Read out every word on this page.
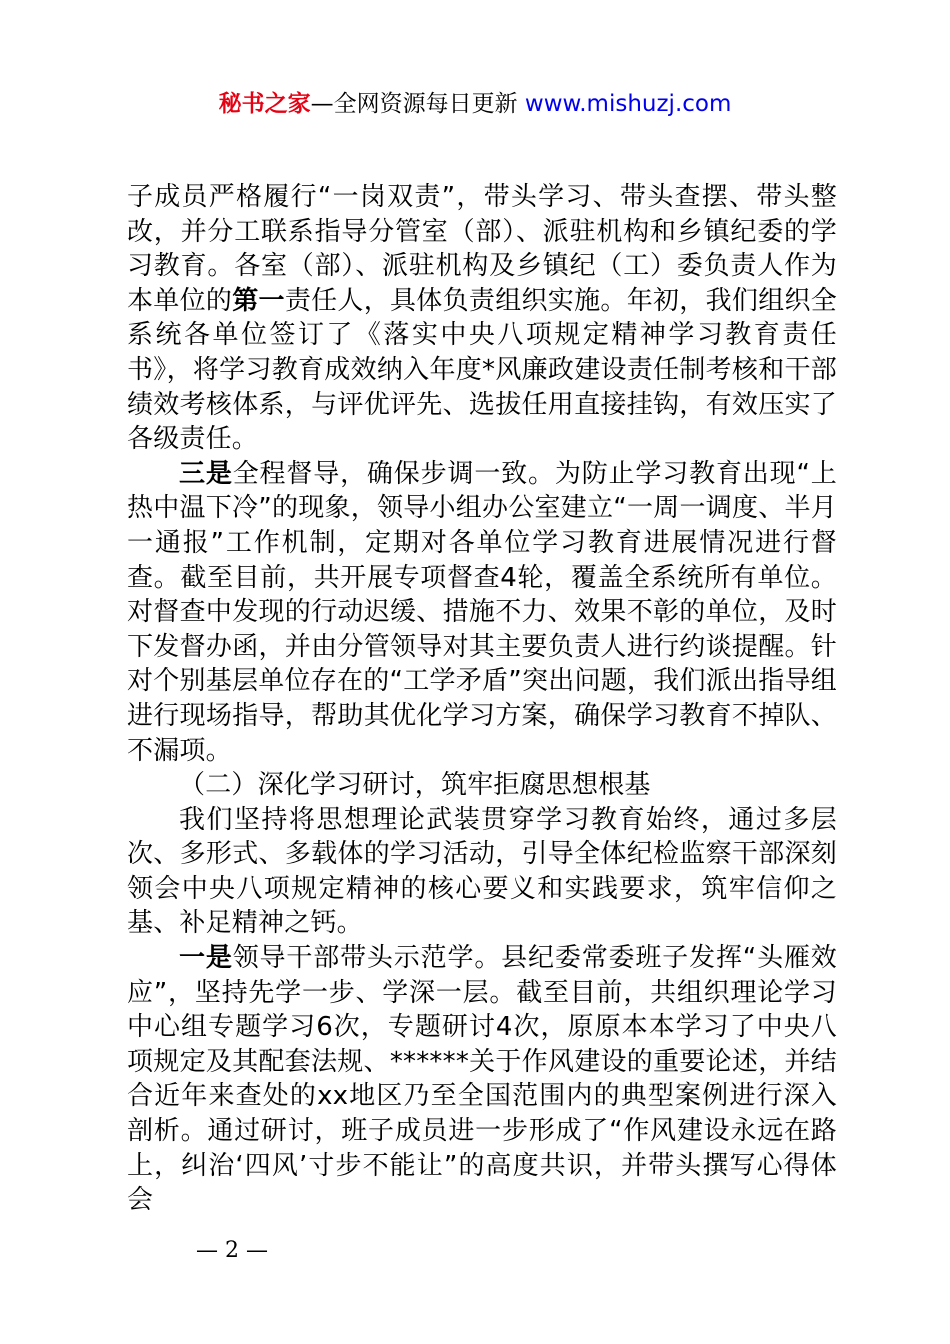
秘书之家—全网资源每日更新 www.mishuzj.com

子成员严格履行“一岗双责”，带头学习、带头查摆、带头整改，并分工联系指导分管室（部）、派驻机构和乡镇纪委的学习教育。各室（部）、派驻机构及乡镇纪（工）委负责人作为本单位的第一责任人，具体负责组织实施。年初，我们组织全系统各单位签订了《落实中央八项规定精神学习教育责任书》，将学习教育成效纳入年度*风廉政建设责任制考核和干部绩效考核体系，与评优评先、选拔任用直接挂钩，有效压实了各级责任。

三是全程督导，确保步调一致。为防止学习教育出现“上热中温下冷”的现象，领导小组办公室建立“一周一调度、半月一通报”工作机制，定期对各单位学习教育进展情况进行督查。截至目前，共开展专项督查4轮，覆盖全系统所有单位。对督查中发现的行动迟缓、措施不力、效果不彰的单位，及时下发督办函，并由分管领导对其主要负责人进行约谈提醒。针对个别基层单位存在的“工学矛盾”突出问题，我们派出指导组进行现场指导，帮助其优化学习方案，确保学习教育不掉队、不漏项。

（二）深化学习研讨，筑牢拒腐思想根基

我们坚持将思想理论武装贯穿学习教育始终，通过多层次、多形式、多载体的学习活动，引导全体纪检监察干部深刻领会中央八项规定精神的核心要义和实践要求，筑牢信仰之基、补足精神之钙。

一是领导干部带头示范学。县纪委常委班子发挥“头雁效应”，坚持先学一步、学深一层。截至目前，共组织理论学习中心组专题学习6次，专题研讨4次，原原本本学习了中央八项规定及其配套法规、******关于作风建设的重要论述，并结合近年来查处的xx地区乃至全国范围内的典型案例进行深入剖析。通过研讨，班子成员进一步形成了“作风建设永远在路上，纠治‘四风’寸步不能让”的高度共识，并带头撰写心得体会

— 2 —
